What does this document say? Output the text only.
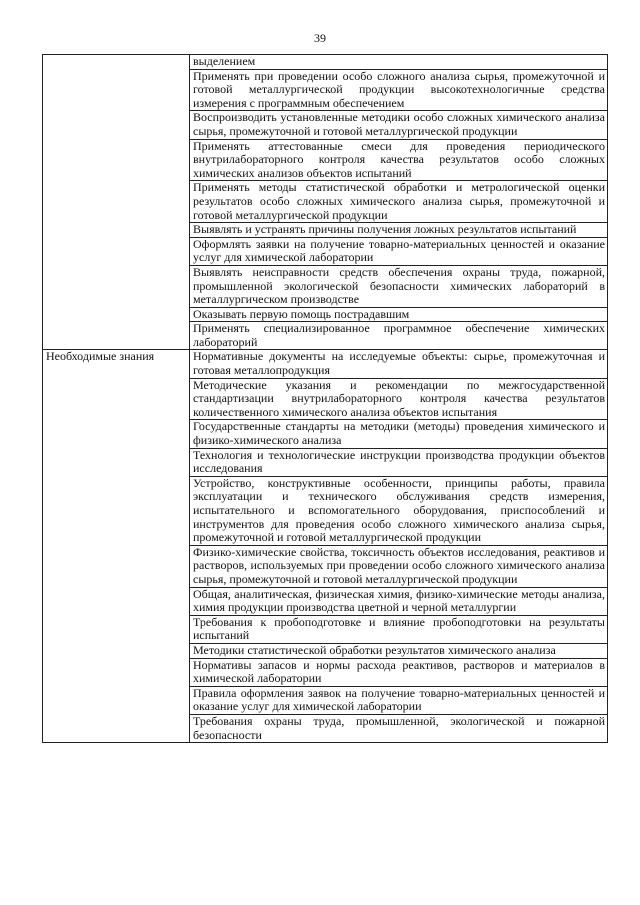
39
	выделением
	Применять при проведении особо сложного анализа сырья, промежуточной и готовой металлургической продукции высокотехнологичные средства измерения с программным обеспечением
	Воспроизводить установленные методики особо сложных химического анализа сырья, промежуточной и готовой металлургической продукции
	Применять аттестованные смеси для проведения периодического внутрилабораторного контроля качества результатов особо сложных химических анализов объектов испытаний
	Применять методы статистической обработки и метрологической оценки результатов особо сложных химического анализа сырья, промежуточной и готовой металлургической продукции
	Выявлять и устранять причины получения ложных результатов испытаний
	Оформлять заявки на получение товарно-материальных ценностей и оказание услуг для химической лаборатории
	Выявлять неисправности средств обеспечения охраны труда, пожарной, промышленной экологической безопасности химических лабораторий в металлургическом производстве
	Оказывать первую помощь пострадавшим
	Применять специализированное программное обеспечение химических лабораторий
Необходимые знания	Нормативные документы на исследуемые объекты: сырье, промежуточная и готовая металлопродукция
	Методические указания и рекомендации по межгосударственной стандартизации внутрилабораторного контроля качества результатов количественного химического анализа объектов испытания
	Государственные стандарты на методики (методы) проведения химического и физико-химического анализа
	Технология и технологические инструкции производства продукции объектов исследования
	Устройство, конструктивные особенности, принципы работы, правила эксплуатации и технического обслуживания средств измерения, испытательного и вспомогательного оборудования, приспособлений и инструментов для проведения особо сложного химического анализа сырья, промежуточной и готовой металлургической продукции
	Физико-химические свойства, токсичность объектов исследования, реактивов и растворов, используемых при проведении особо сложного химического анализа сырья, промежуточной и готовой металлургической продукции
	Общая, аналитическая, физическая химия, физико-химические методы анализа, химия продукции производства цветной и черной металлургии
	Требования к пробоподготовке и влияние пробоподготовки на результаты испытаний
	Методики статистической обработки результатов химического анализа
	Нормативы запасов и нормы расхода реактивов, растворов и материалов в химической лаборатории
	Правила оформления заявок на получение товарно-материальных ценностей и оказание услуг для химической лаборатории
	Требования охраны труда, промышленной, экологической и пожарной безопасности
